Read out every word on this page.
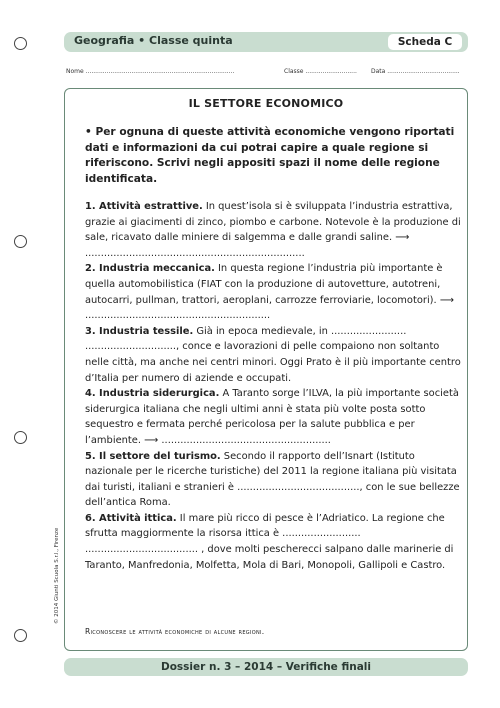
Geografia • Classe quinta	Scheda C
Nome ..............................................................................	Classe ........................... Data ......................................
IL SETTORE ECONOMICO
• Per ognuna di queste attività economiche vengono riportati dati e informazioni da cui potrai capire a quale regione si riferiscono. Scrivi negli appositi spazi il nome delle regione identificata.

1. Attività estrattive. In quest’isola si è sviluppata l’industria estrattiva, grazie ai giacimenti di zinco, piombo e carbone. Notevole è la produzione di sale, ricavato dalle miniere di salgemma e dalle grandi saline. ⟶ ......................................................................

2. Industria meccanica. In questa regione l’industria più importante è quella automobilistica (FIAT con la produzione di autovetture, autotreni, autocarri, pullman, trattori, aeroplani, carrozze ferroviarie, locomotori). ⟶ ...........................................................

3. Industria tessile. Già in epoca medievale, in ........................ ............................., conce e lavorazioni di pelle compaiono non soltanto nelle città, ma anche nei centri minori. Oggi Prato è il più importante centro d’Italia per numero di aziende e occupati.

4. Industria siderurgica. A Taranto sorge l’ILVA, la più importante società siderurgica italiana che negli ultimi anni è stata più volte posta sotto sequestro e fermata perché pericolosa per la salute pubblica e per l’ambiente. ⟶ ......................................................

5. Il settore del turismo. Secondo il rapporto dell’Isnart (Istituto nazionale per le ricerche turistiche) del 2011 la regione italiana più visitata dai turisti, italiani e stranieri è ......................................., con le sue bellezze dell’antica Roma.

6. Attività ittica. Il mare più ricco di pesce è l’Adriatico. La regione che sfrutta maggiormente la risorsa ittica è ......................... .................................... , dove molti pescherecci salpano dalle marinerie di Taranto, Manfredonia, Molfetta, Mola di Bari, Monopoli, Gallipoli e Castro.

Riconoscere le attività economiche di alcune regioni.
© 2014 Giunti Scuola S.r.l., Firenze
Dossier n. 3 – 2014 – Verifiche finali
